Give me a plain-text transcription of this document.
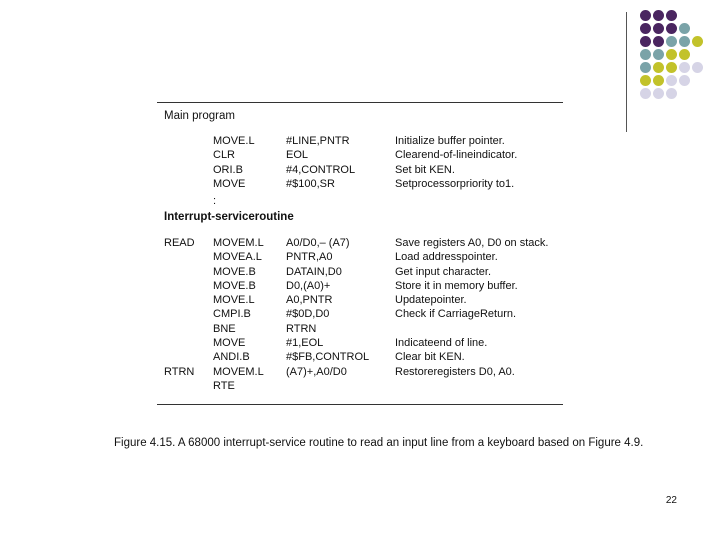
Main program
MOVE.L
CLR
ORI.B
MOVE
#LINE,PNTR
EOL
#4,CONTROL
#$100,SR
Initialize buffer pointer.
Clearend-of-lineindicator.
Set bit KEN.
Setprocessorpriority to1.
:
Interrupt-serviceroutine
READ
RTRN
MOVEM.L
MOVEA.L
MOVE.B
MOVE.B
MOVE.L
CMPI.B
BNE
MOVE
ANDI.B
MOVEM.L
RTE
A0/D0,– (A7)
PNTR,A0
DATAIN,D0
D0,(A0)+
A0,PNTR
#$0D,D0
RTRN
#1,EOL
#$FB,CONTROL
(A7)+,A0/D0
Save registers A0, D0 on stack.
Load addresspointer.
Get input character.
Store it in memory buffer.
Updatepointer.
Check if CarriageReturn.
Indicateend of line.
Clear bit KEN.
Restoreregisters D0, A0.
Figure 4.15. A 68000 interrupt-service routine to read an input line from a keyboard based on Figure 4.9.
22
